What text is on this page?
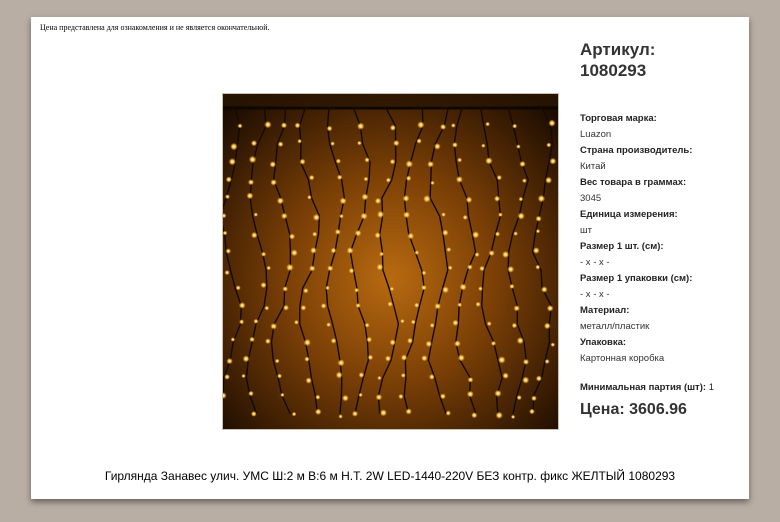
Цена представлена для ознакомления и не является окончательной.
Артикул:
1080293
Торговая марка:
Luazon
Страна производитель:
Китай
Вес товара в граммах:
3045
Единица измерения:
шт
Размер 1 шт. (см):
- x - x -
Размер 1 упаковки (см):
- x - x -
Материал:
металл/пластик
Упаковка:
Картонная коробка
Минимальная партия (шт): 1
Цена: 3606.96
Гирлянда Занавес улич. УМС Ш:2 м В:6 м Н.Т. 2W LED-1440-220V БЕЗ контр. фикс ЖЕЛТЫЙ 1080293
